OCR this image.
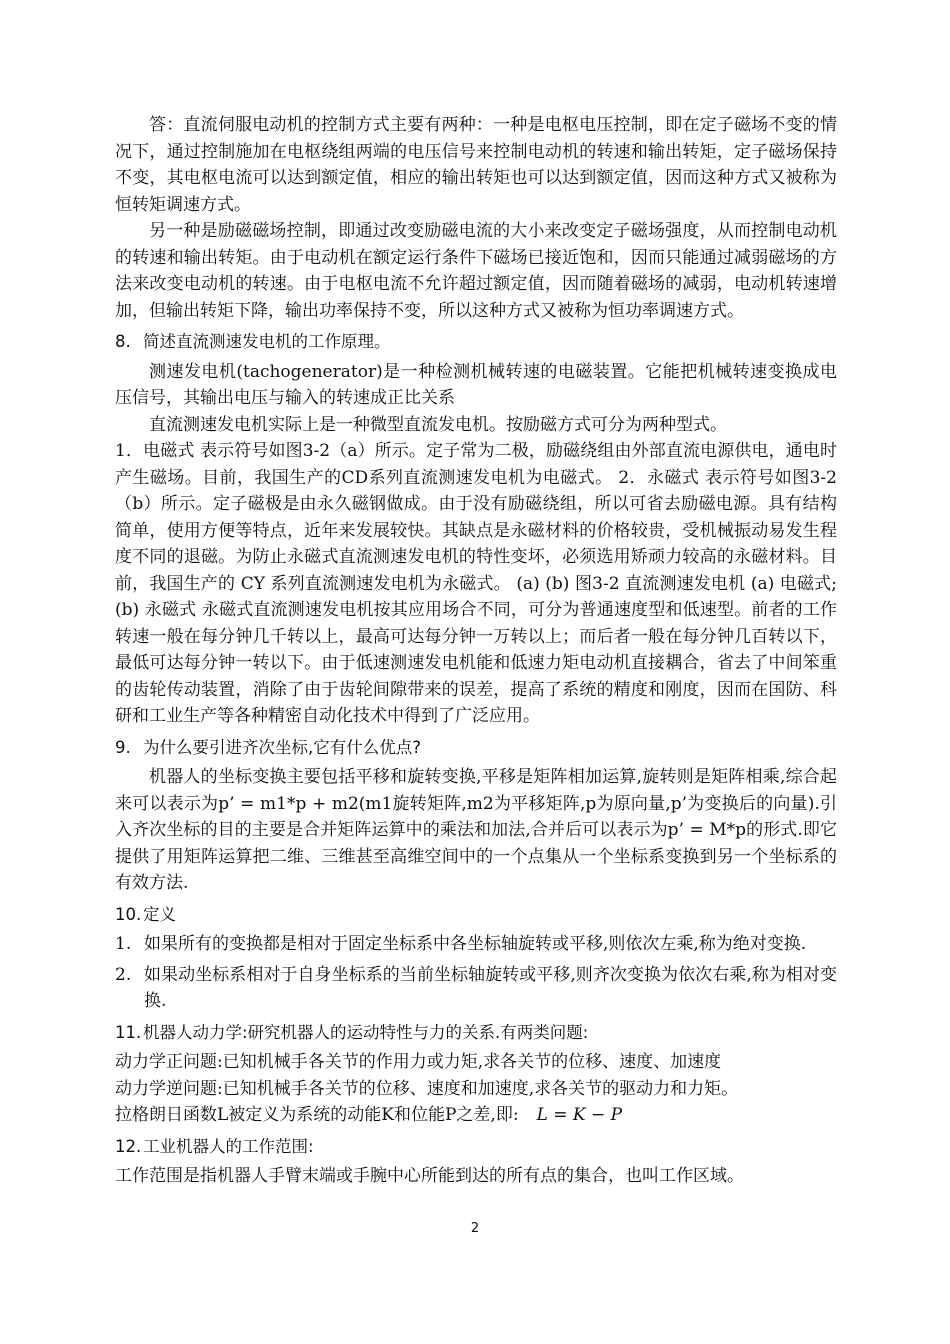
答：直流伺服电动机的控制方式主要有两种：一种是电枢电压控制，即在定子磁场不变的情况下，通过控制施加在电枢绕组两端的电压信号来控制电动机的转速和输出转矩，定子磁场保持不变，其电枢电流可以达到额定值，相应的输出转矩也可以达到额定值，因而这种方式又被称为恒转矩调速方式。

另一种是励磁磁场控制，即通过改变励磁电流的大小来改变定子磁场强度，从而控制电动机的转速和输出转矩。由于电动机在额定运行条件下磁场已接近饱和，因而只能通过减弱磁场的方法来改变电动机的转速。由于电枢电流不允许超过额定值，因而随着磁场的减弱，电动机转速增加，但输出转矩下降，输出功率保持不变，所以这种方式又被称为恒功率调速方式。

8. 简述直流测速发电机的工作原理。

测速发电机(tachogenerator)是一种检测机械转速的电磁装置。它能把机械转速变换成电压信号，其输出电压与输入的转速成正比关系

直流测速发电机实际上是一种微型直流发电机。按励磁方式可分为两种型式。

1．电磁式 表示符号如图3-2（a）所示。定子常为二极，励磁绕组由外部直流电源供电，通电时产生磁场。目前，我国生产的CD系列直流测速发电机为电磁式。 2．永磁式 表示符号如图3-2（b）所示。定子磁极是由永久磁钢做成。由于没有励磁绕组，所以可省去励磁电源。具有结构简单，使用方便等特点，近年来发展较快。其缺点是永磁材料的价格较贵，受机械振动易发生程度不同的退磁。为防止永磁式直流测速发电机的特性变坏，必须选用矫顽力较高的永磁材料。目前，我国生产的 CY 系列直流测速发电机为永磁式。 (a) (b) 图3-2 直流测速发电机 (a) 电磁式; (b) 永磁式 永磁式直流测速发电机按其应用场合不同，可分为普通速度型和低速型。前者的工作转速一般在每分钟几千转以上，最高可达每分钟一万转以上；而后者一般在每分钟几百转以下，最低可达每分钟一转以下。由于低速测速发电机能和低速力矩电动机直接耦合，省去了中间笨重的齿轮传动装置，消除了由于齿轮间隙带来的误差，提高了系统的精度和刚度，因而在国防、科研和工业生产等各种精密自动化技术中得到了广泛应用。

9. 为什么要引进齐次坐标,它有什么优点?

机器人的坐标变换主要包括平移和旋转变换,平移是矩阵相加运算,旋转则是矩阵相乘,综合起来可以表示为p’ = m1*p + m2(m1旋转矩阵,m2为平移矩阵,p为原向量,p’为变换后的向量).引入齐次坐标的目的主要是合并矩阵运算中的乘法和加法,合并后可以表示为p’ = M*p的形式.即它提供了用矩阵运算把二维、三维甚至高维空间中的一个点集从一个坐标系变换到另一个坐标系的有效方法.

10. 定义

1. 如果所有的变换都是相对于固定坐标系中各坐标轴旋转或平移,则依次左乘,称为绝对变换.

2. 如果动坐标系相对于自身坐标系的当前坐标轴旋转或平移,则齐次变换为依次右乘,称为相对变换.

11. 机器人动力学:研究机器人的运动特性与力的关系.有两类问题:

动力学正问题:已知机械手各关节的作用力或力矩,求各关节的位移、速度、加速度

动力学逆问题:已知机械手各关节的位移、速度和加速度,求各关节的驱动力和力矩。

拉格朗日函数L被定义为系统的动能K和位能P之差,即: L = K − P

12. 工业机器人的工作范围:

工作范围是指机器人手臂末端或手腕中心所能到达的所有点的集合，也叫工作区域。

2
